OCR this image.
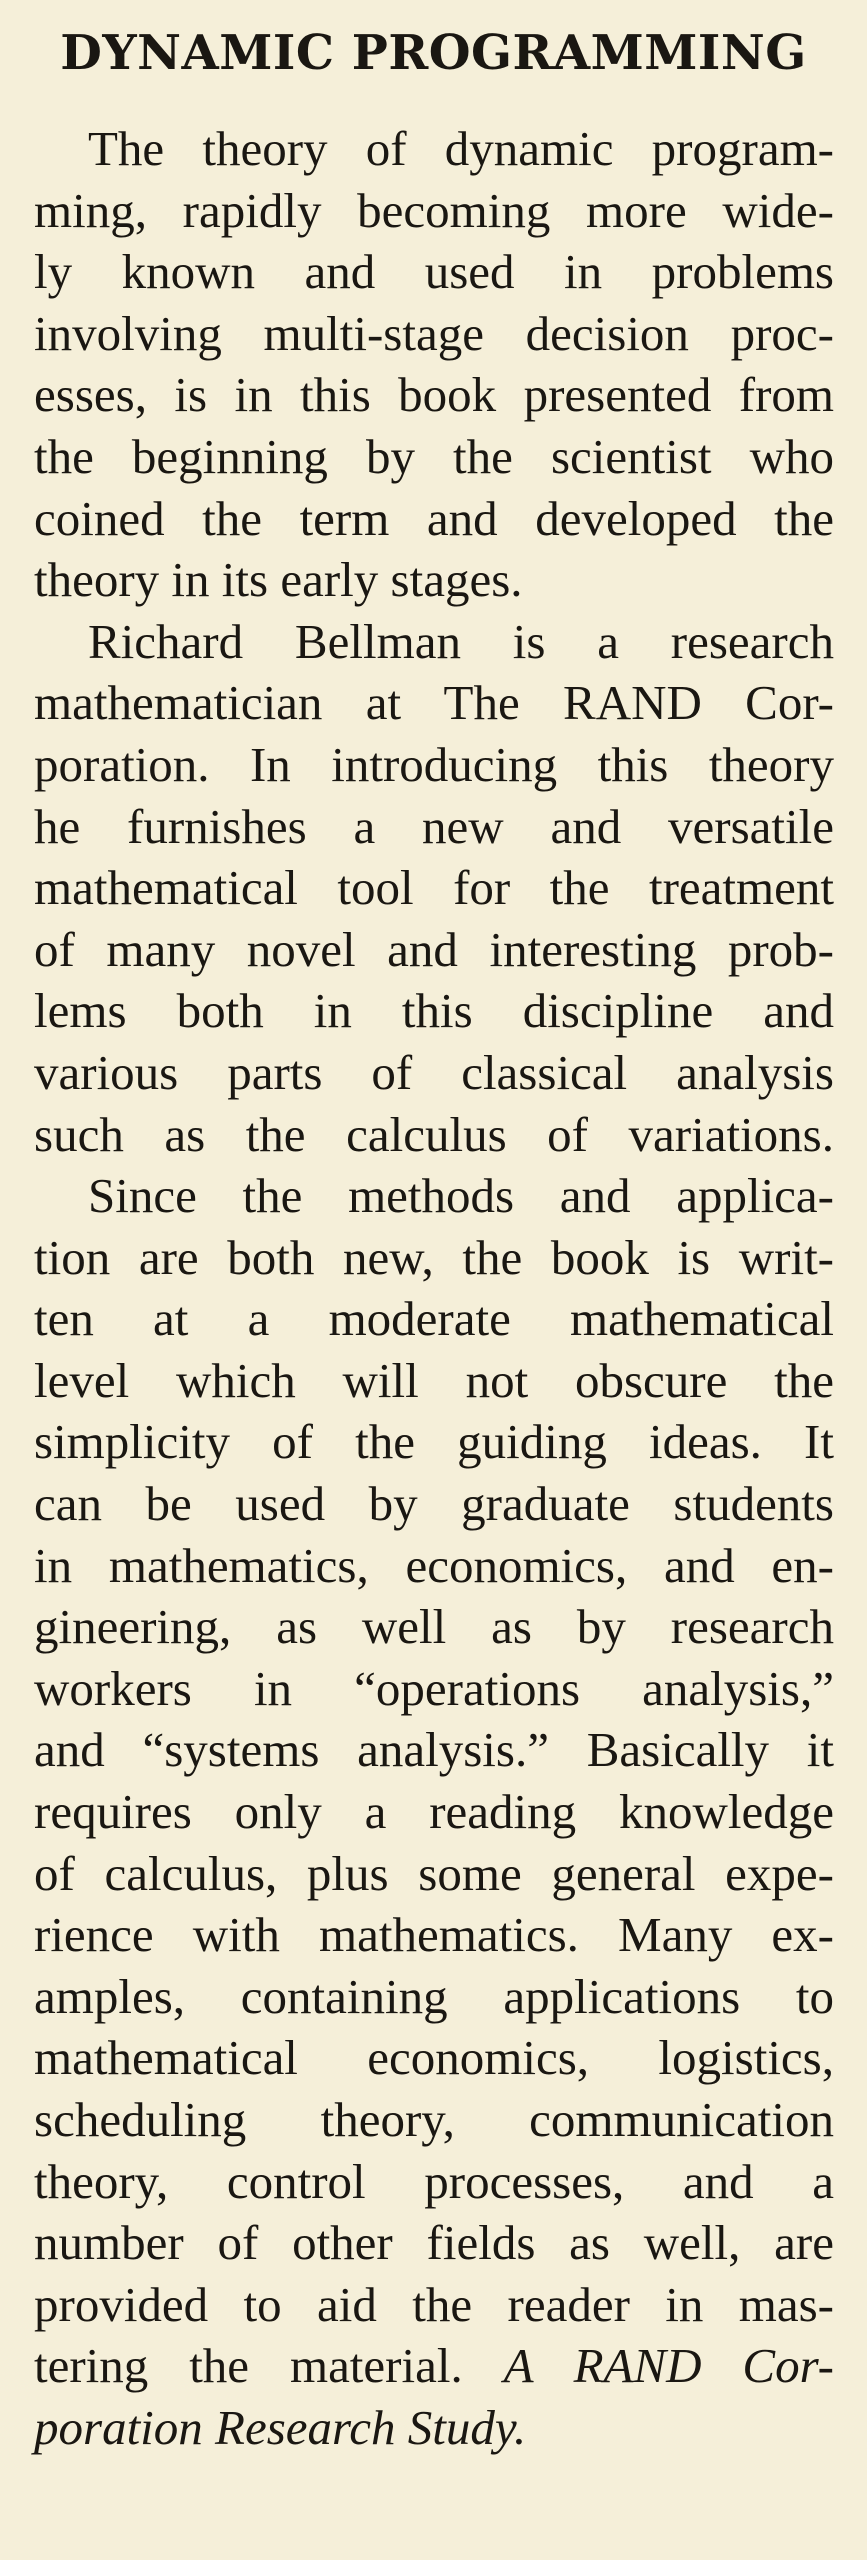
DYNAMIC PROGRAMMING
The theory of dynamic program-
ming, rapidly becoming more wide-
ly known and used in problems
involving multi-stage decision proc-
esses, is in this book presented from
the beginning by the scientist who
coined the term and developed the
theory in its early stages.
Richard Bellman is a research
mathematician at The RAND Cor-
poration. In introducing this theory
he furnishes a new and versatile
mathematical tool for the treatment
of many novel and interesting prob-
lems both in this discipline and
various parts of classical analysis
such as the calculus of variations.
Since the methods and applica-
tion are both new, the book is writ-
ten at a moderate mathematical
level which will not obscure the
simplicity of the guiding ideas. It
can be used by graduate students
in mathematics, economics, and en-
gineering, as well as by research
workers in “operations analysis,”
and “systems analysis.” Basically it
requires only a reading knowledge
of calculus, plus some general expe-
rience with mathematics. Many ex-
amples, containing applications to
mathematical economics, logistics,
scheduling theory, communication
theory, control processes, and a
number of other fields as well, are
provided to aid the reader in mas-
tering the material. A RAND Cor-
poration Research Study.
